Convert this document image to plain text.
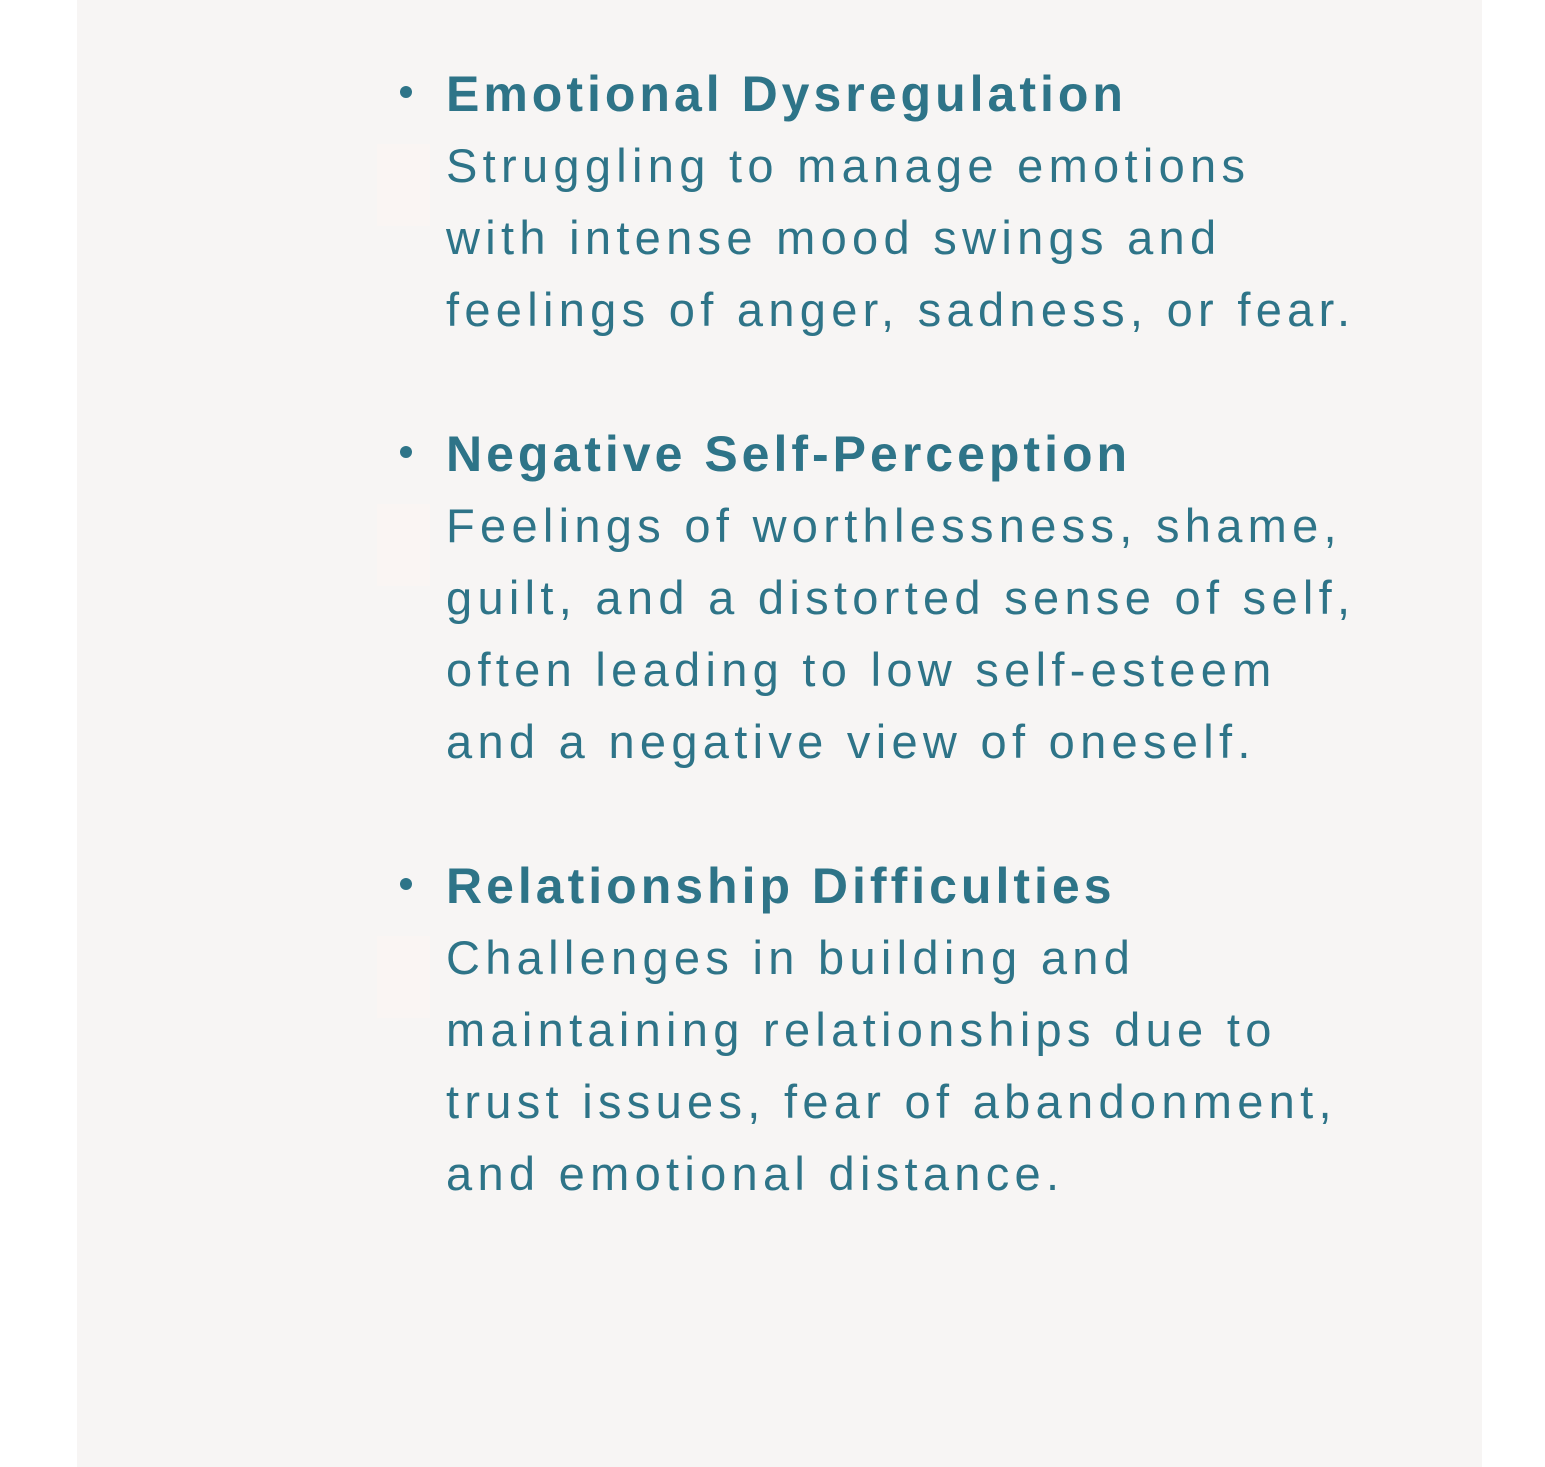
Emotional Dysregulation
Struggling to manage emotions with intense mood swings and feelings of anger, sadness, or fear.
Negative Self-Perception
Feelings of worthlessness, shame, guilt, and a distorted sense of self, often leading to low self-esteem and a negative view of oneself.
Relationship Difficulties
Challenges in building and maintaining relationships due to trust issues, fear of abandonment, and emotional distance.
